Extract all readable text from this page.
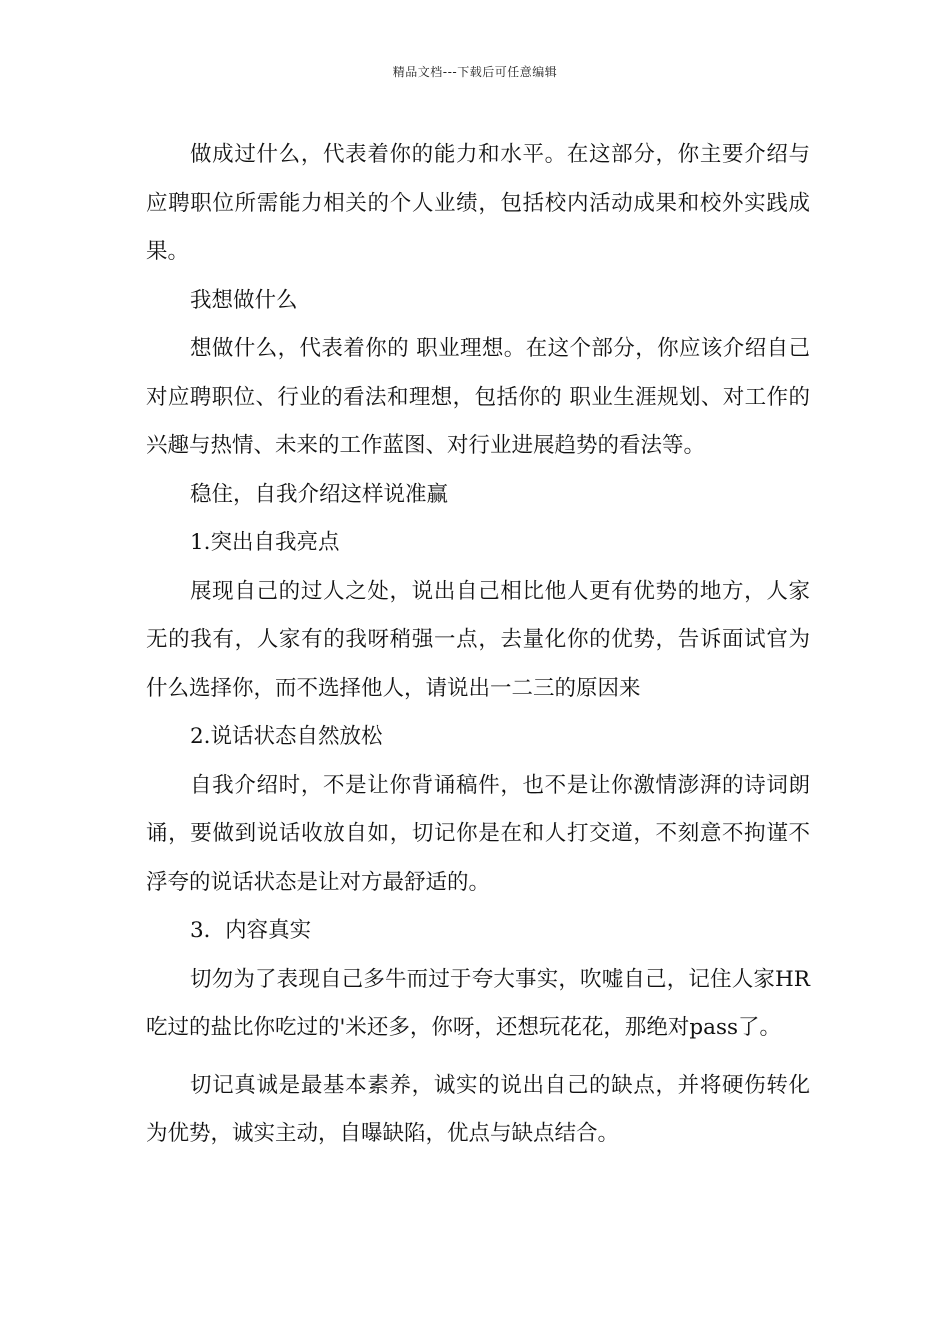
精品文档---下载后可任意编辑

做成过什么，代表着你的能力和水平。在这部分，你主要介绍与应聘职位所需能力相关的个人业绩，包括校内活动成果和校外实践成果。

我想做什么

想做什么，代表着你的 职业理想。在这个部分，你应该介绍自己对应聘职位、行业的看法和理想，包括你的 职业生涯规划、对工作的兴趣与热情、未来的工作蓝图、对行业进展趋势的看法等。

稳住，自我介绍这样说准赢

1.突出自我亮点

展现自己的过人之处，说出自己相比他人更有优势的地方，人家无的我有，人家有的我呀稍强一点，去量化你的优势，告诉面试官为什么选择你，而不选择他人，请说出一二三的原因来

2.说话状态自然放松

自我介绍时，不是让你背诵稿件，也不是让你激情澎湃的诗词朗诵，要做到说话收放自如，切记你是在和人打交道，不刻意不拘谨不浮夸的说话状态是让对方最舒适的。

3．内容真实

切勿为了表现自己多牛而过于夸大事实，吹嘘自己，记住人家HR吃过的盐比你吃过的'米还多，你呀，还想玩花花，那绝对pass了。

切记真诚是最基本素养，诚实的说出自己的缺点，并将硬伤转化为优势，诚实主动，自曝缺陷，优点与缺点结合。
